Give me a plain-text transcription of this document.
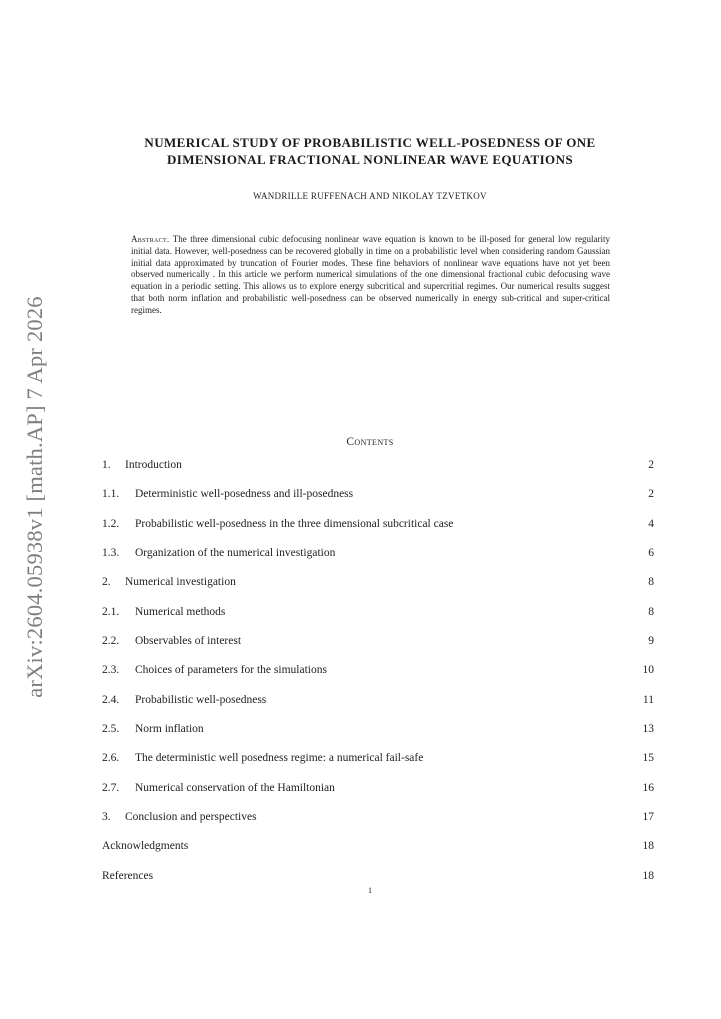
arXiv:2604.05938v1 [math.AP] 7 Apr 2026
NUMERICAL STUDY OF PROBABILISTIC WELL-POSEDNESS OF ONE
DIMENSIONAL FRACTIONAL NONLINEAR WAVE EQUATIONS
WANDRILLE RUFFENACH AND NIKOLAY TZVETKOV
Abstract. The three dimensional cubic defocusing nonlinear wave equation is known to be ill-posed for general low regularity initial data. However, well-posedness can be recovered globally in time on a probabilistic level when considering random Gaussian initial data approximated by truncation of Fourier modes. These fine behaviors of nonlinear wave equations have not yet been observed numerically . In this article we perform numerical simulations of the one dimensional fractional cubic defocusing wave equation in a periodic setting. This allows us to explore energy subcritical and supercritial regimes. Our numerical results suggest that both norm inflation and probabilistic well-posedness can be observed numerically in energy sub-critical and super-critical regimes.
Contents
1. Introduction	2
1.1. Deterministic well-posedness and ill-posedness	2
1.2. Probabilistic well-posedness in the three dimensional subcritical case	4
1.3. Organization of the numerical investigation	6
2. Numerical investigation	8
2.1. Numerical methods	8
2.2. Observables of interest	9
2.3. Choices of parameters for the simulations	10
2.4. Probabilistic well-posedness	11
2.5. Norm inflation	13
2.6. The deterministic well posedness regime: a numerical fail-safe	15
2.7. Numerical conservation of the Hamiltonian	16
3. Conclusion and perspectives	17
Acknowledgments	18
References	18
1
